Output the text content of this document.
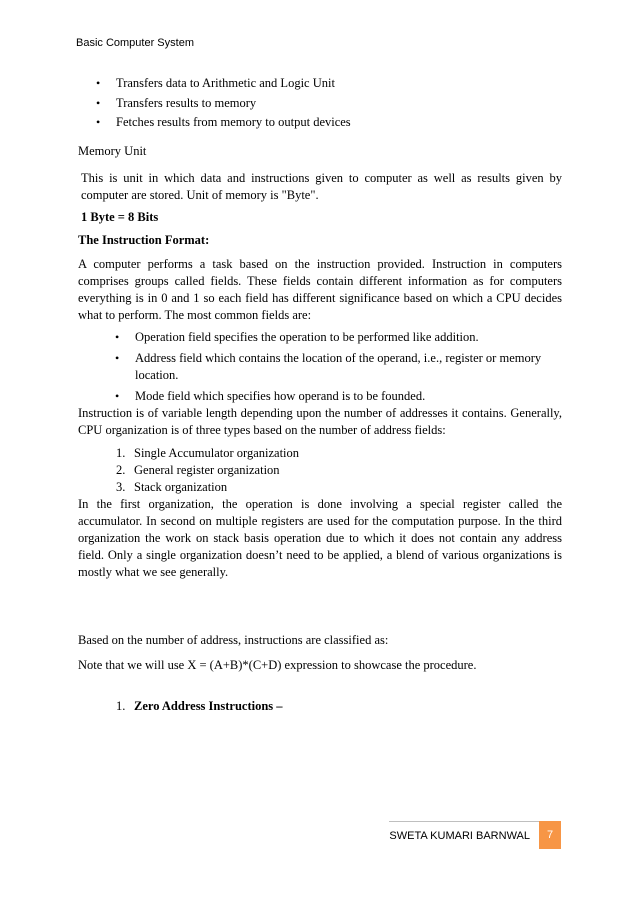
Basic Computer System
• Transfers data to Arithmetic and Logic Unit
• Transfers results to memory
• Fetches results from memory to output devices
Memory Unit
This is unit in which data and instructions given to computer as well as results given by computer are stored. Unit of memory is "Byte".
1 Byte = 8 Bits
The Instruction Format:
A computer performs a task based on the instruction provided. Instruction in computers comprises groups called fields. These fields contain different information as for computers everything is in 0 and 1 so each field has different significance based on which a CPU decides what to perform. The most common fields are:
• Operation field specifies the operation to be performed like addition.
• Address field which contains the location of the operand, i.e., register or memory location.
• Mode field which specifies how operand is to be founded.
Instruction is of variable length depending upon the number of addresses it contains. Generally, CPU organization is of three types based on the number of address fields:
1. Single Accumulator organization
2. General register organization
3. Stack organization
In the first organization, the operation is done involving a special register called the accumulator. In second on multiple registers are used for the computation purpose. In the third organization the work on stack basis operation due to which it does not contain any address field. Only a single organization doesn’t need to be applied, a blend of various organizations is mostly what we see generally.
Based on the number of address, instructions are classified as:
Note that we will use X = (A+B)*(C+D) expression to showcase the procedure.
1. Zero Address Instructions –
SWETA KUMARI BARNWAL	7
